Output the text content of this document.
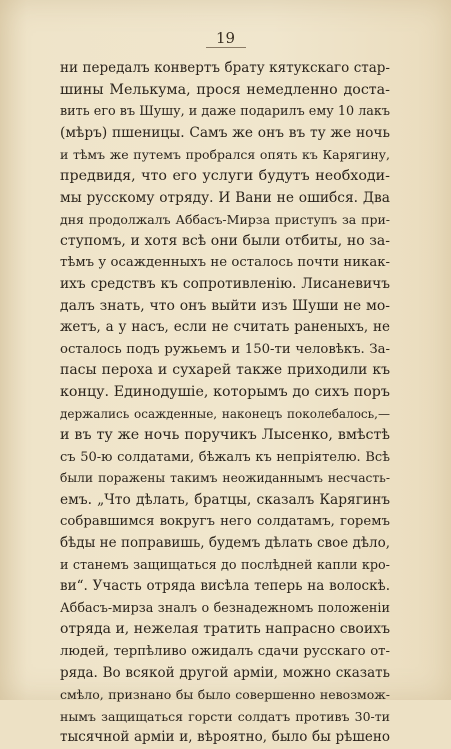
19
ни передалъ конвертъ брату кятукскаго стар-
шины Мелькума, прося немедленно доста-
вить его въ Шушу, и даже подарилъ ему 10 лакъ
(мѣръ) пшеницы. Самъ же онъ въ ту же ночь
и тѣмъ же путемъ пробрался опять къ Карягину,
предвидя, что его услуги будутъ необходи-
мы русскому отряду. И Вани не ошибся. Два
дня продолжалъ Аббасъ-Мирза приступъ за при-
ступомъ, и хотя всѣ они были отбиты, но за-
тѣмъ у осажденныхъ не осталось почти никак-
ихъ средствъ къ сопротивленiю. Лисаневичъ
далъ знать, что онъ выйти изъ Шуши не мо-
жетъ, а у насъ, если не считать раненыхъ, не
осталось подъ ружьемъ и 150-ти человѣкъ. За-
пасы пероха и сухарей также приходили къ
концу. Единодушiе, которымъ до сихъ поръ
держались осажденные, наконецъ поколебалось,—
и въ ту же ночь поручикъ Лысенко, вмѣстѣ
съ 50-ю солдатами, бѣжалъ къ непрiятелю. Всѣ
были поражены такимъ неожиданнымъ несчасть-
емъ. „Что дѣлать, братцы, сказалъ Карягинъ
собравшимся вокругъ него солдатамъ, горемъ
бѣды не поправишь, будемъ дѣлать свое дѣло,
и станемъ защищаться до послѣдней капли кро-
ви“. Участь отряда висѣла теперь на волоскѣ.
Аббасъ-мирза зналъ о безнадежномъ положенiи
отряда и, нежелая тратить напрасно своихъ
людей, терпѣливо ожидалъ сдачи русскаго от-
ряда. Во всякой другой армiи, можно сказать
смѣло, признано бы было совершенно невозмож-
нымъ защищаться горсти солдатъ противъ 30-ти
тысячной армiи и, вѣроятно, было бы рѣшено
